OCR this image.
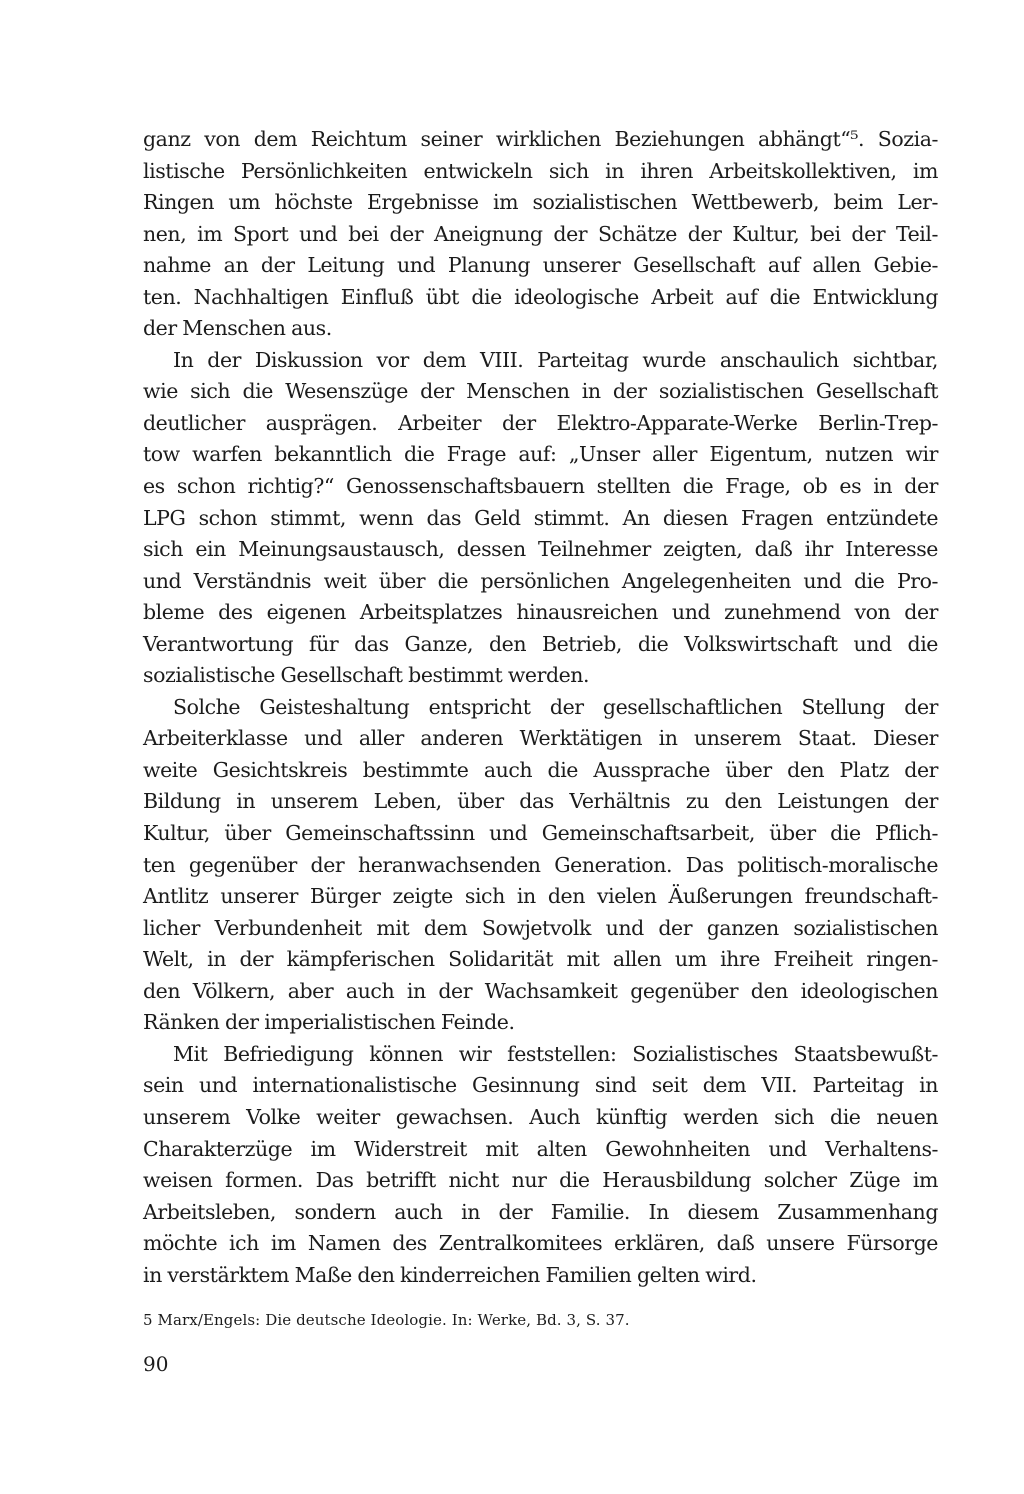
ganz von dem Reichtum seiner wirklichen Beziehungen abhängt“⁵. Sozia-
listische Persönlichkeiten entwickeln sich in ihren Arbeitskollektiven, im
Ringen um höchste Ergebnisse im sozialistischen Wettbewerb, beim Ler-
nen, im Sport und bei der Aneignung der Schätze der Kultur, bei der Teil-
nahme an der Leitung und Planung unserer Gesellschaft auf allen Gebie-
ten. Nachhaltigen Einfluß übt die ideologische Arbeit auf die Entwicklung
der Menschen aus.
In der Diskussion vor dem VIII. Parteitag wurde anschaulich sichtbar,
wie sich die Wesenszüge der Menschen in der sozialistischen Gesellschaft
deutlicher ausprägen. Arbeiter der Elektro-Apparate-Werke Berlin-Trep-
tow warfen bekanntlich die Frage auf: „Unser aller Eigentum, nutzen wir
es schon richtig?“ Genossenschaftsbauern stellten die Frage, ob es in der
LPG schon stimmt, wenn das Geld stimmt. An diesen Fragen entzündete
sich ein Meinungsaustausch, dessen Teilnehmer zeigten, daß ihr Interesse
und Verständnis weit über die persönlichen Angelegenheiten und die Pro-
bleme des eigenen Arbeitsplatzes hinausreichen und zunehmend von der
Verantwortung für das Ganze, den Betrieb, die Volkswirtschaft und die
sozialistische Gesellschaft bestimmt werden.
Solche Geisteshaltung entspricht der gesellschaftlichen Stellung der
Arbeiterklasse und aller anderen Werktätigen in unserem Staat. Dieser
weite Gesichtskreis bestimmte auch die Aussprache über den Platz der
Bildung in unserem Leben, über das Verhältnis zu den Leistungen der
Kultur, über Gemeinschaftssinn und Gemeinschaftsarbeit, über die Pflich-
ten gegenüber der heranwachsenden Generation. Das politisch-moralische
Antlitz unserer Bürger zeigte sich in den vielen Äußerungen freundschaft-
licher Verbundenheit mit dem Sowjetvolk und der ganzen sozialistischen
Welt, in der kämpferischen Solidarität mit allen um ihre Freiheit ringen-
den Völkern, aber auch in der Wachsamkeit gegenüber den ideologischen
Ränken der imperialistischen Feinde.
Mit Befriedigung können wir feststellen: Sozialistisches Staatsbewußt-
sein und internationalistische Gesinnung sind seit dem VII. Parteitag in
unserem Volke weiter gewachsen. Auch künftig werden sich die neuen
Charakterzüge im Widerstreit mit alten Gewohnheiten und Verhaltens-
weisen formen. Das betrifft nicht nur die Herausbildung solcher Züge im
Arbeitsleben, sondern auch in der Familie. In diesem Zusammenhang
möchte ich im Namen des Zentralkomitees erklären, daß unsere Fürsorge
in verstärktem Maße den kinderreichen Familien gelten wird.
5 Marx/Engels: Die deutsche Ideologie. In: Werke, Bd. 3, S. 37.
90
